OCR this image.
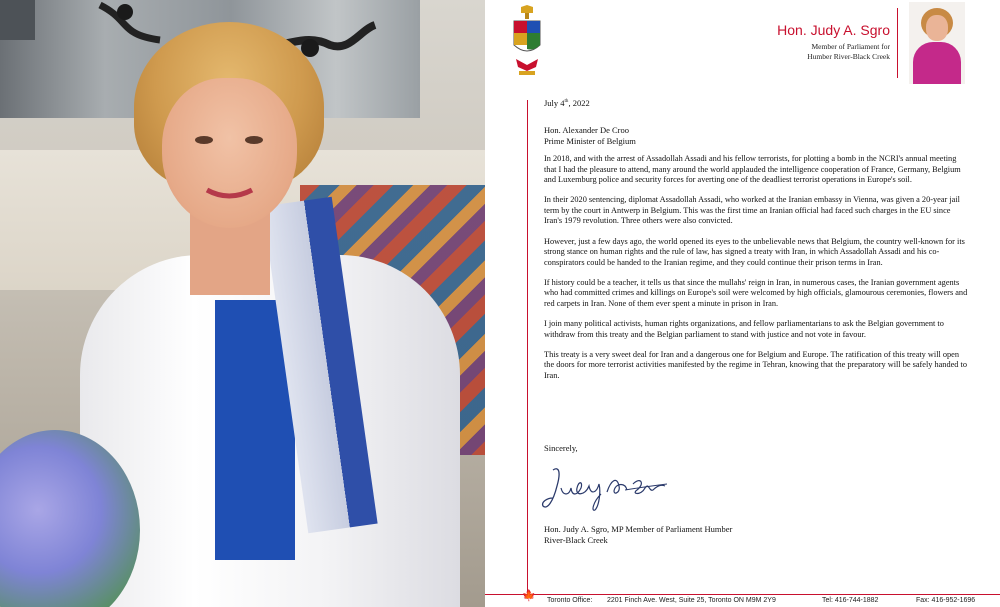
Hon. Judy A. Sgro
Member of Parliament for
Humber River-Black Creek
July 4th, 2022
Hon. Alexander De Croo
Prime Minister of Belgium

In 2018, and with the arrest of Assadollah Assadi and his fellow terrorists, for plotting a bomb in the NCRI's annual meeting that I had the pleasure to attend, many around the world applauded the intelligence cooperation of France, Germany, Belgium and Luxemburg police and security forces for averting one of the deadliest terrorist operations in Europe's soil.

In their 2020 sentencing, diplomat Assadollah Assadi, who worked at the Iranian embassy in Vienna, was given a 20-year jail term by the court in Antwerp in Belgium. This was the first time an Iranian official had faced such charges in the EU since Iran's 1979 revolution. Three others were also convicted.

However, just a few days ago, the world opened its eyes to the unbelievable news that Belgium, the country well-known for its strong stance on human rights and the rule of law, has signed a treaty with Iran, in which Assadollah Assadi and his co-conspirators could be handed to the Iranian regime, and they could continue their prison terms in Iran.

If history could be a teacher, it tells us that since the mullahs' reign in Iran, in numerous cases, the Iranian government agents who had committed crimes and killings on Europe's soil were welcomed by high officials, glamourous ceremonies, flowers and red carpets in Iran. None of them ever spent a minute in prison in Iran.

I join many political activists, human rights organizations, and fellow parliamentarians to ask the Belgian government to withdraw from this treaty and the Belgian parliament to stand with justice and not vote in favour.

This treaty is a very sweet deal for Iran and a dangerous one for Belgium and Europe. The ratification of this treaty will open the doors for more terrorist activities manifested by the regime in Tehran, knowing that the preparatory will be safely handed to Iran.

Sincerely,
Hon. Judy A. Sgro, MP Member of Parliament Humber River-Black Creek
🍁 Toronto Office: 2201 Finch Ave. West, Suite 25, Toronto ON M9M 2Y9	Tel: 416-744-1882	Fax: 416-952-1696
